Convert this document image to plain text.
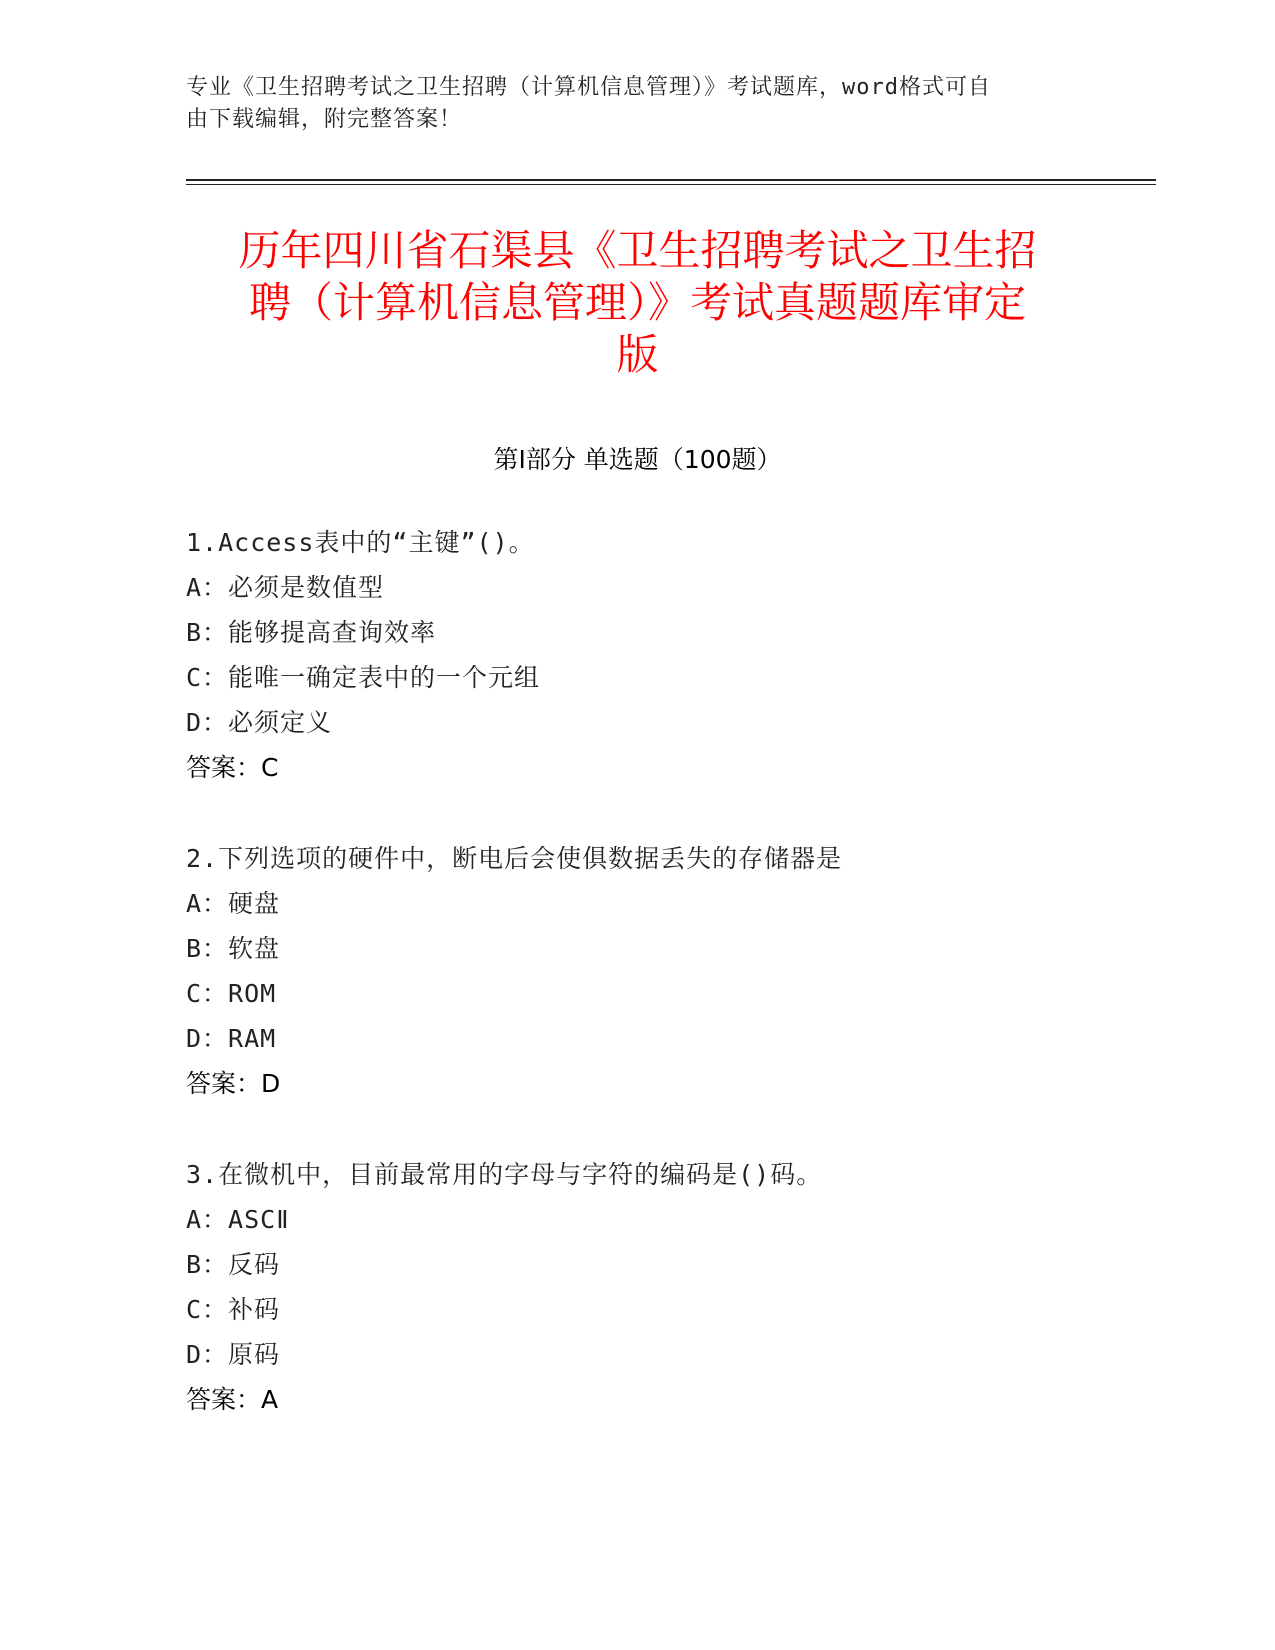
专业《卫生招聘考试之卫生招聘（计算机信息管理）》考试题库，word格式可自
由下载编辑，附完整答案！
历年四川省石渠县《卫生招聘考试之卫生招
聘（计算机信息管理）》考试真题题库审定
版
第Ⅰ部分 单选题（100题）
1.Access表中的“主键”()。
A：必须是数值型
B：能够提高查询效率
C：能唯一确定表中的一个元组
D：必须定义
答案：C
2.下列选项的硬件中，断电后会使俱数据丢失的存储器是
A：硬盘
B：软盘
C：ROM
D：RAM
答案：D
3.在微机中，目前最常用的字母与字符的编码是()码。
A：ASCⅡ
B：反码
C：补码
D：原码
答案：A
